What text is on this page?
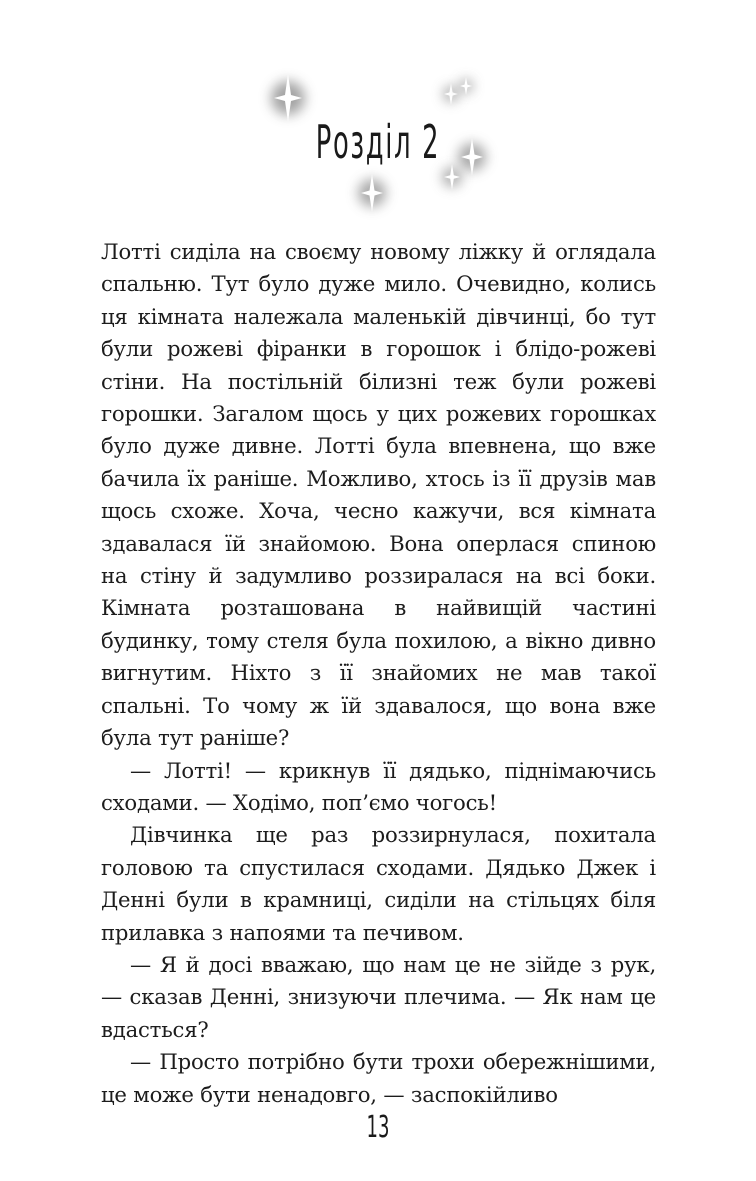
Розділ 2

Лотті сиділа на своєму новому ліжку й оглядала спальню. Тут було дуже мило. Очевидно, колись ця кімната належала маленькій дівчинці, бо тут були рожеві фіранки в горошок і блідо-рожеві стіни. На постільній білизні теж були рожеві горошки. Загалом щось у цих рожевих горошках було дуже дивне. Лотті була впевнена, що вже бачила їх раніше. Можливо, хтось із її друзів мав щось схоже. Хоча, чесно кажучи, вся кімната здавалася їй знайомою. Вона оперлася спиною на стіну й задумливо роззиралася на всі боки. Кімната розташована в найвищій частині будинку, тому стеля була похилою, а вікно дивно вигнутим. Ніхто з її знайомих не мав такої спальні. То чому ж їй здавалося, що вона вже була тут раніше?

— Лотті! — крикнув її дядько, піднімаючись сходами. — Ходімо, поп’ємо чогось!

Дівчинка ще раз роззирнулася, похитала головою та спустилася сходами. Дядько Джек і Денні були в крамниці, сиділи на стільцях біля прилавка з напоями та печивом.

— Я й досі вважаю, що нам це не зійде з рук, — сказав Денні, знизуючи плечима. — Як нам це вдасться?

— Просто потрібно бути трохи обережнішими, це може бути ненадовго, — заспокійливо

13
